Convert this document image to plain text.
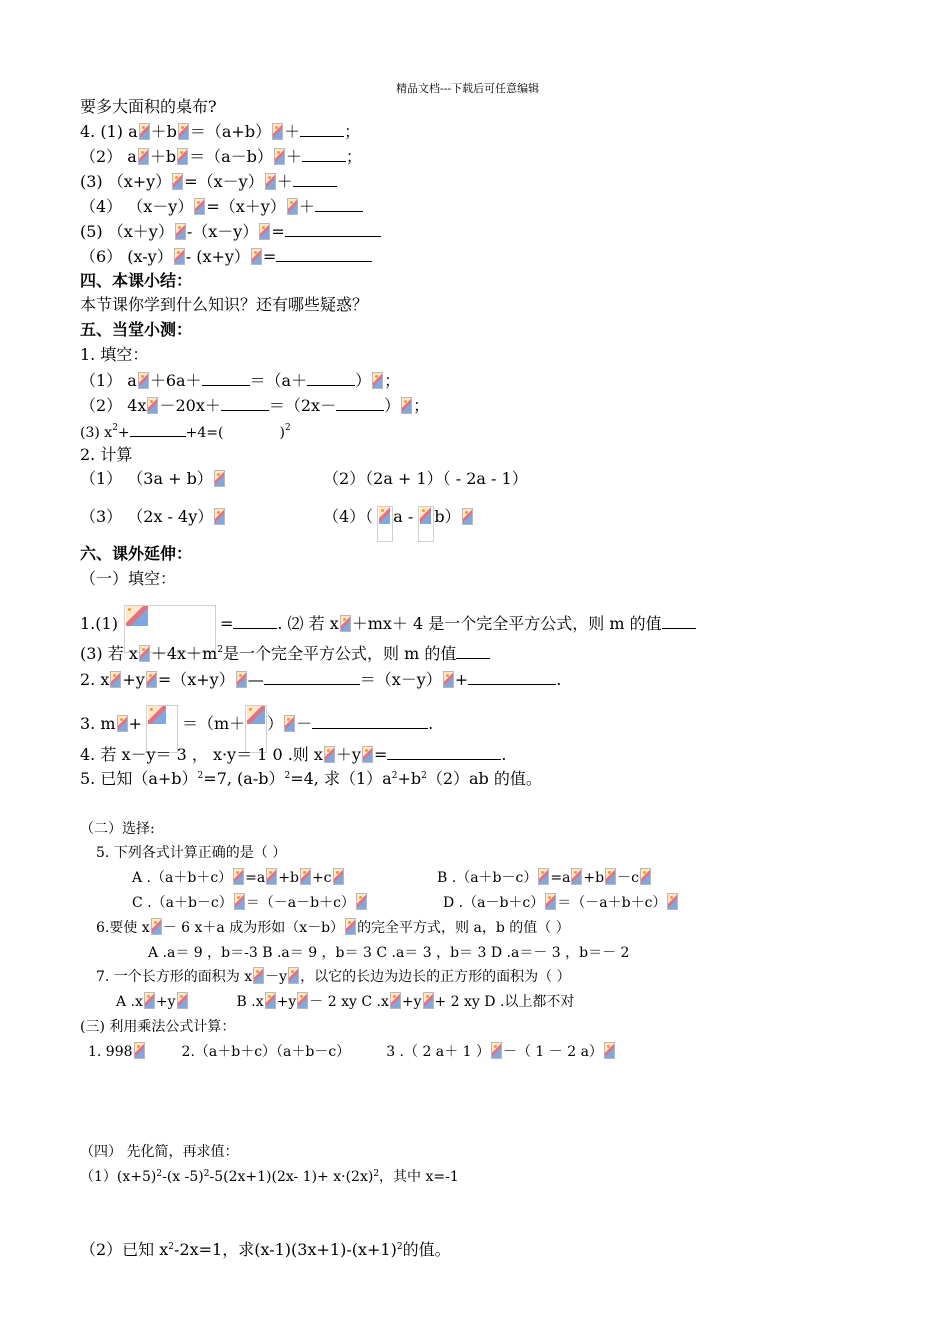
精品文档---下载后可任意编辑
要多大面积的桌布?
4. (1) a ＋b ＝（a+b） ＋	；
（2） a ＋b ＝（a－b） ＋	；
(3) （x+y） =（x－y） ＋
（4） （x－y） =（x＋y） ＋
(5) （x＋y） -（x－y） =
（6） (x-y） - (x+y） =
四、本课小结：
本节课你学到什么知识？还有哪些疑惑？
五、当堂小测：
1. 填空：
（1） a ＋6a＋	＝（a＋	） ；
（2） 4x －20x＋	＝（2x－	） ；
(3) $x^2+$	+4=(	)$^2$
2. 计算
（1） （3a + b）	（2）（2a + 1）（ - 2a - 1）
（3） （2x - 4y）	（4）（ a -
b）
六、课外延伸：
（一）填空：
1.(1)	=	. ⑵ 若 x ＋mx＋ 4 是一个完全平方公式，则 m 的值
(3) 若 $x +4x+m^2$是一个完全平方公式，则 m 的值
2. x +y =（x+y） —	＝（x－y） +	.
3. m +	＝（m＋ ） －	.
4. 若 x－y＝ 3 ， x·y＝ 1 0 .则 x ＋y =	.
5. 已知$(a+b)^2=7$, (a-b）$^2$=4, 求$(1)a^2+b^2(2)ab$ 的值。
（二）选择:
5. 下列各式计算正确的是（ ）
A .（a＋b＋c） =a +b +c	B .（a＋b－c） =a +b －c
C .（a＋b－c） ＝（－a－b＋c）	D .（a－b＋c） ＝（－a＋b＋c）
6.要使 x － 6 x＋a 成为形如（x－b） 的完全平方式，则 a，b 的值（ ）
A .a＝ 9 ，b＝-3 B .a＝ 9 ，b＝ 3 C .a＝ 3 ，b＝ 3 D .a＝－ 3 ，b＝－ 2
7. 一个长方形的面积为 x －y ，以它的长边为边长的正方形的面积为（ ）
A .x +y	B .x +y － 2 xy C .x +y + 2 xy D .以上都不对
(三) 利用乘法公式计算：
1. 998	2.（a＋b＋c）（a＋b－c）	3 .（ 2 a＋ 1 ） －（ 1 － 2 a）
（四） 先化简，再求值：
$(1)(x+5)^2-(x$ -5)$^2$-5(2x+1)(2x- $1)+ x\cdot(2x)^2$，其中 x=-1
（2）已知 $x^2-2x=1$，求$(x-1)(3x+1)-(x+1)^2$的值。
